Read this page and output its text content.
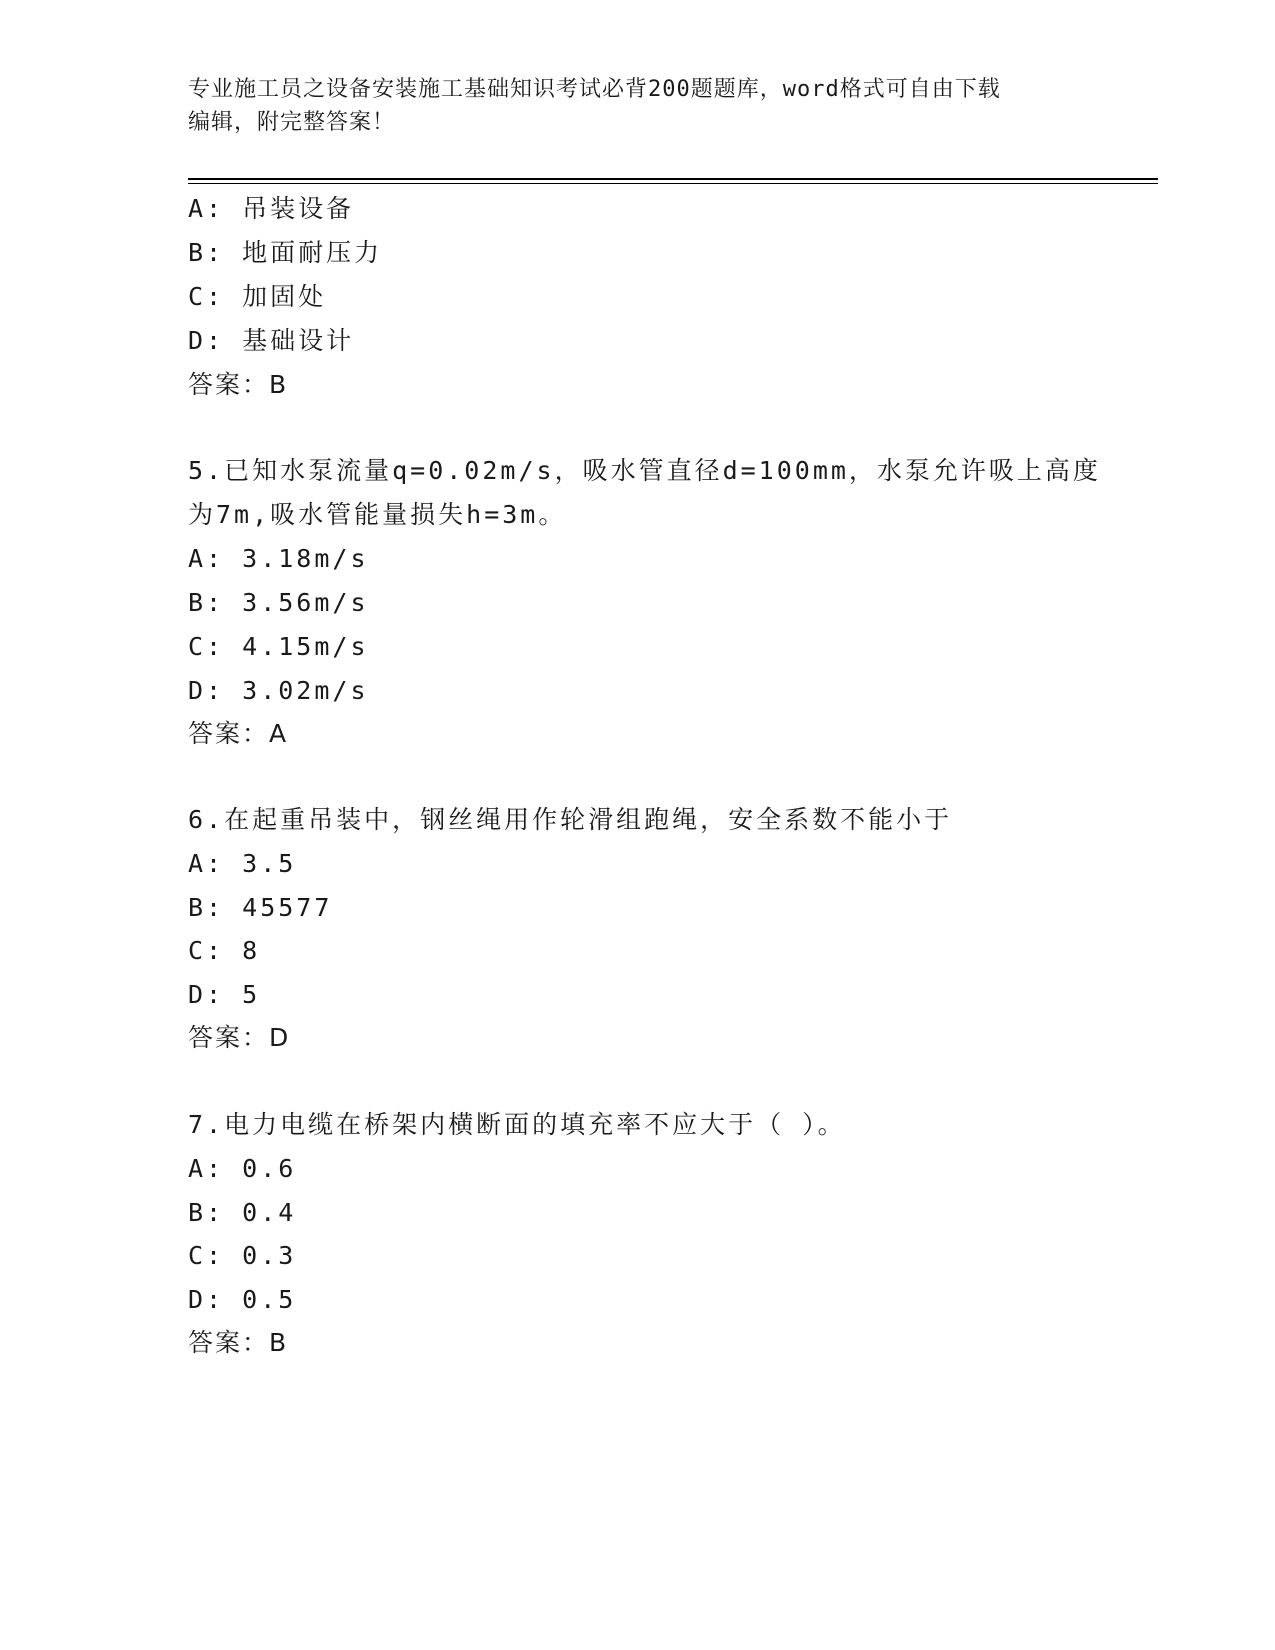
专业施工员之设备安装施工基础知识考试必背200题题库，word格式可自由下载
编辑，附完整答案！
A: 吊装设备
B: 地面耐压力
C: 加固处
D: 基础设计
答案：B
5.已知水泵流量q=0.02m/s，吸水管直径d=100mm，水泵允许吸上高度
为7m,吸水管能量损失h=3m。
A: 3.18m/s
B: 3.56m/s
C: 4.15m/s
D: 3.02m/s
答案：A
6.在起重吊装中，钢丝绳用作轮滑组跑绳，安全系数不能小于
A: 3.5
B: 45577
C: 8
D: 5
答案：D
7.电力电缆在桥架内横断面的填充率不应大于（ ）。
A: 0.6
B: 0.4
C: 0.3
D: 0.5
答案：B
